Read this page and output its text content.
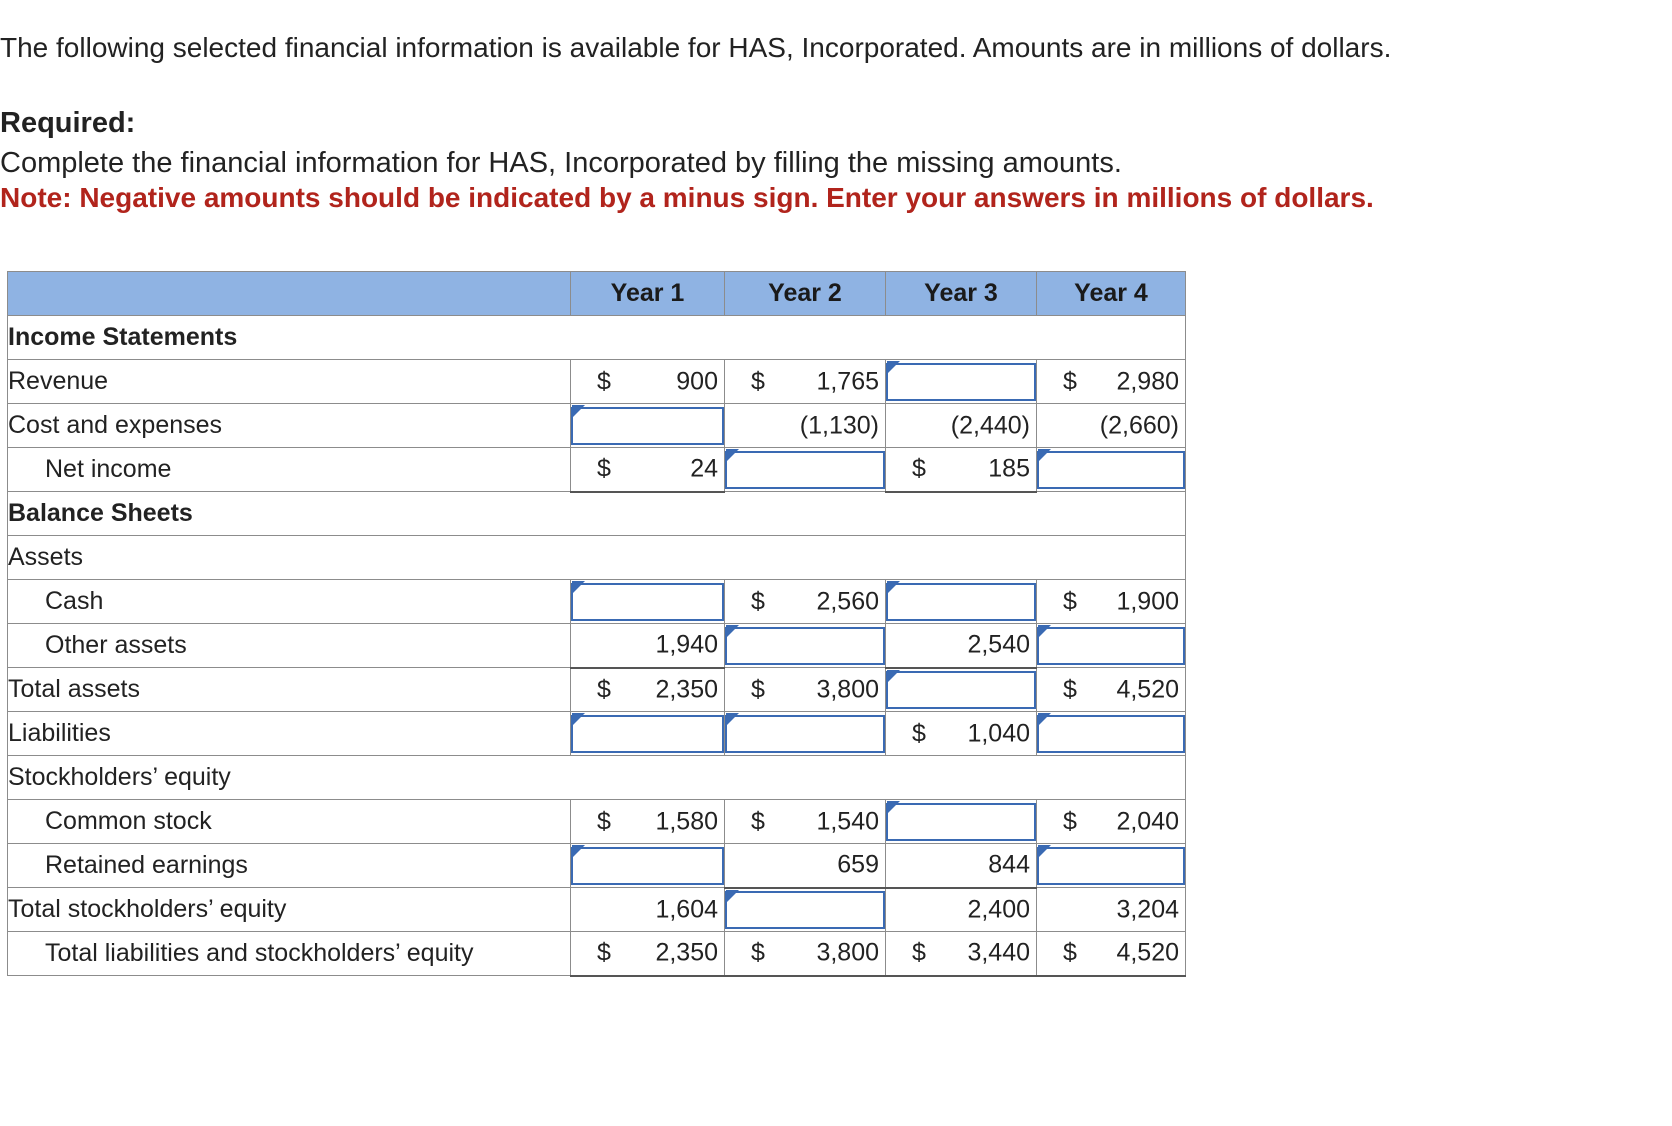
The following selected financial information is available for HAS, Incorporated. Amounts are in millions of dollars.
Required:
Complete the financial information for HAS, Incorporated by filling the missing amounts.
Note: Negative amounts should be indicated by a minus sign. Enter your answers in millions of dollars.
	Year 1	Year 2	Year 3	Year 4
Income Statements				
Revenue	$ 900	$ 1,765		$ 2,980

Cost and expenses		(1,130)	(2,440)	(2,660)

Net income	$ 24		$ 185	

Balance Sheets				
Assets				
Cash		$ 2,560		$ 1,900

Other assets	1,940		2,540	

Total assets	$ 2,350	$ 3,800		$ 4,520

Liabilities			$ 1,040	

Stockholders’ equity				
Common stock	$ 1,580	$ 1,540		$ 2,040

Retained earnings		659	844	

Total stockholders’ equity	1,604		2,400	3,204

Total liabilities and stockholders’ equity	$ 2,350	$ 3,800	$ 3,440	$ 4,520
